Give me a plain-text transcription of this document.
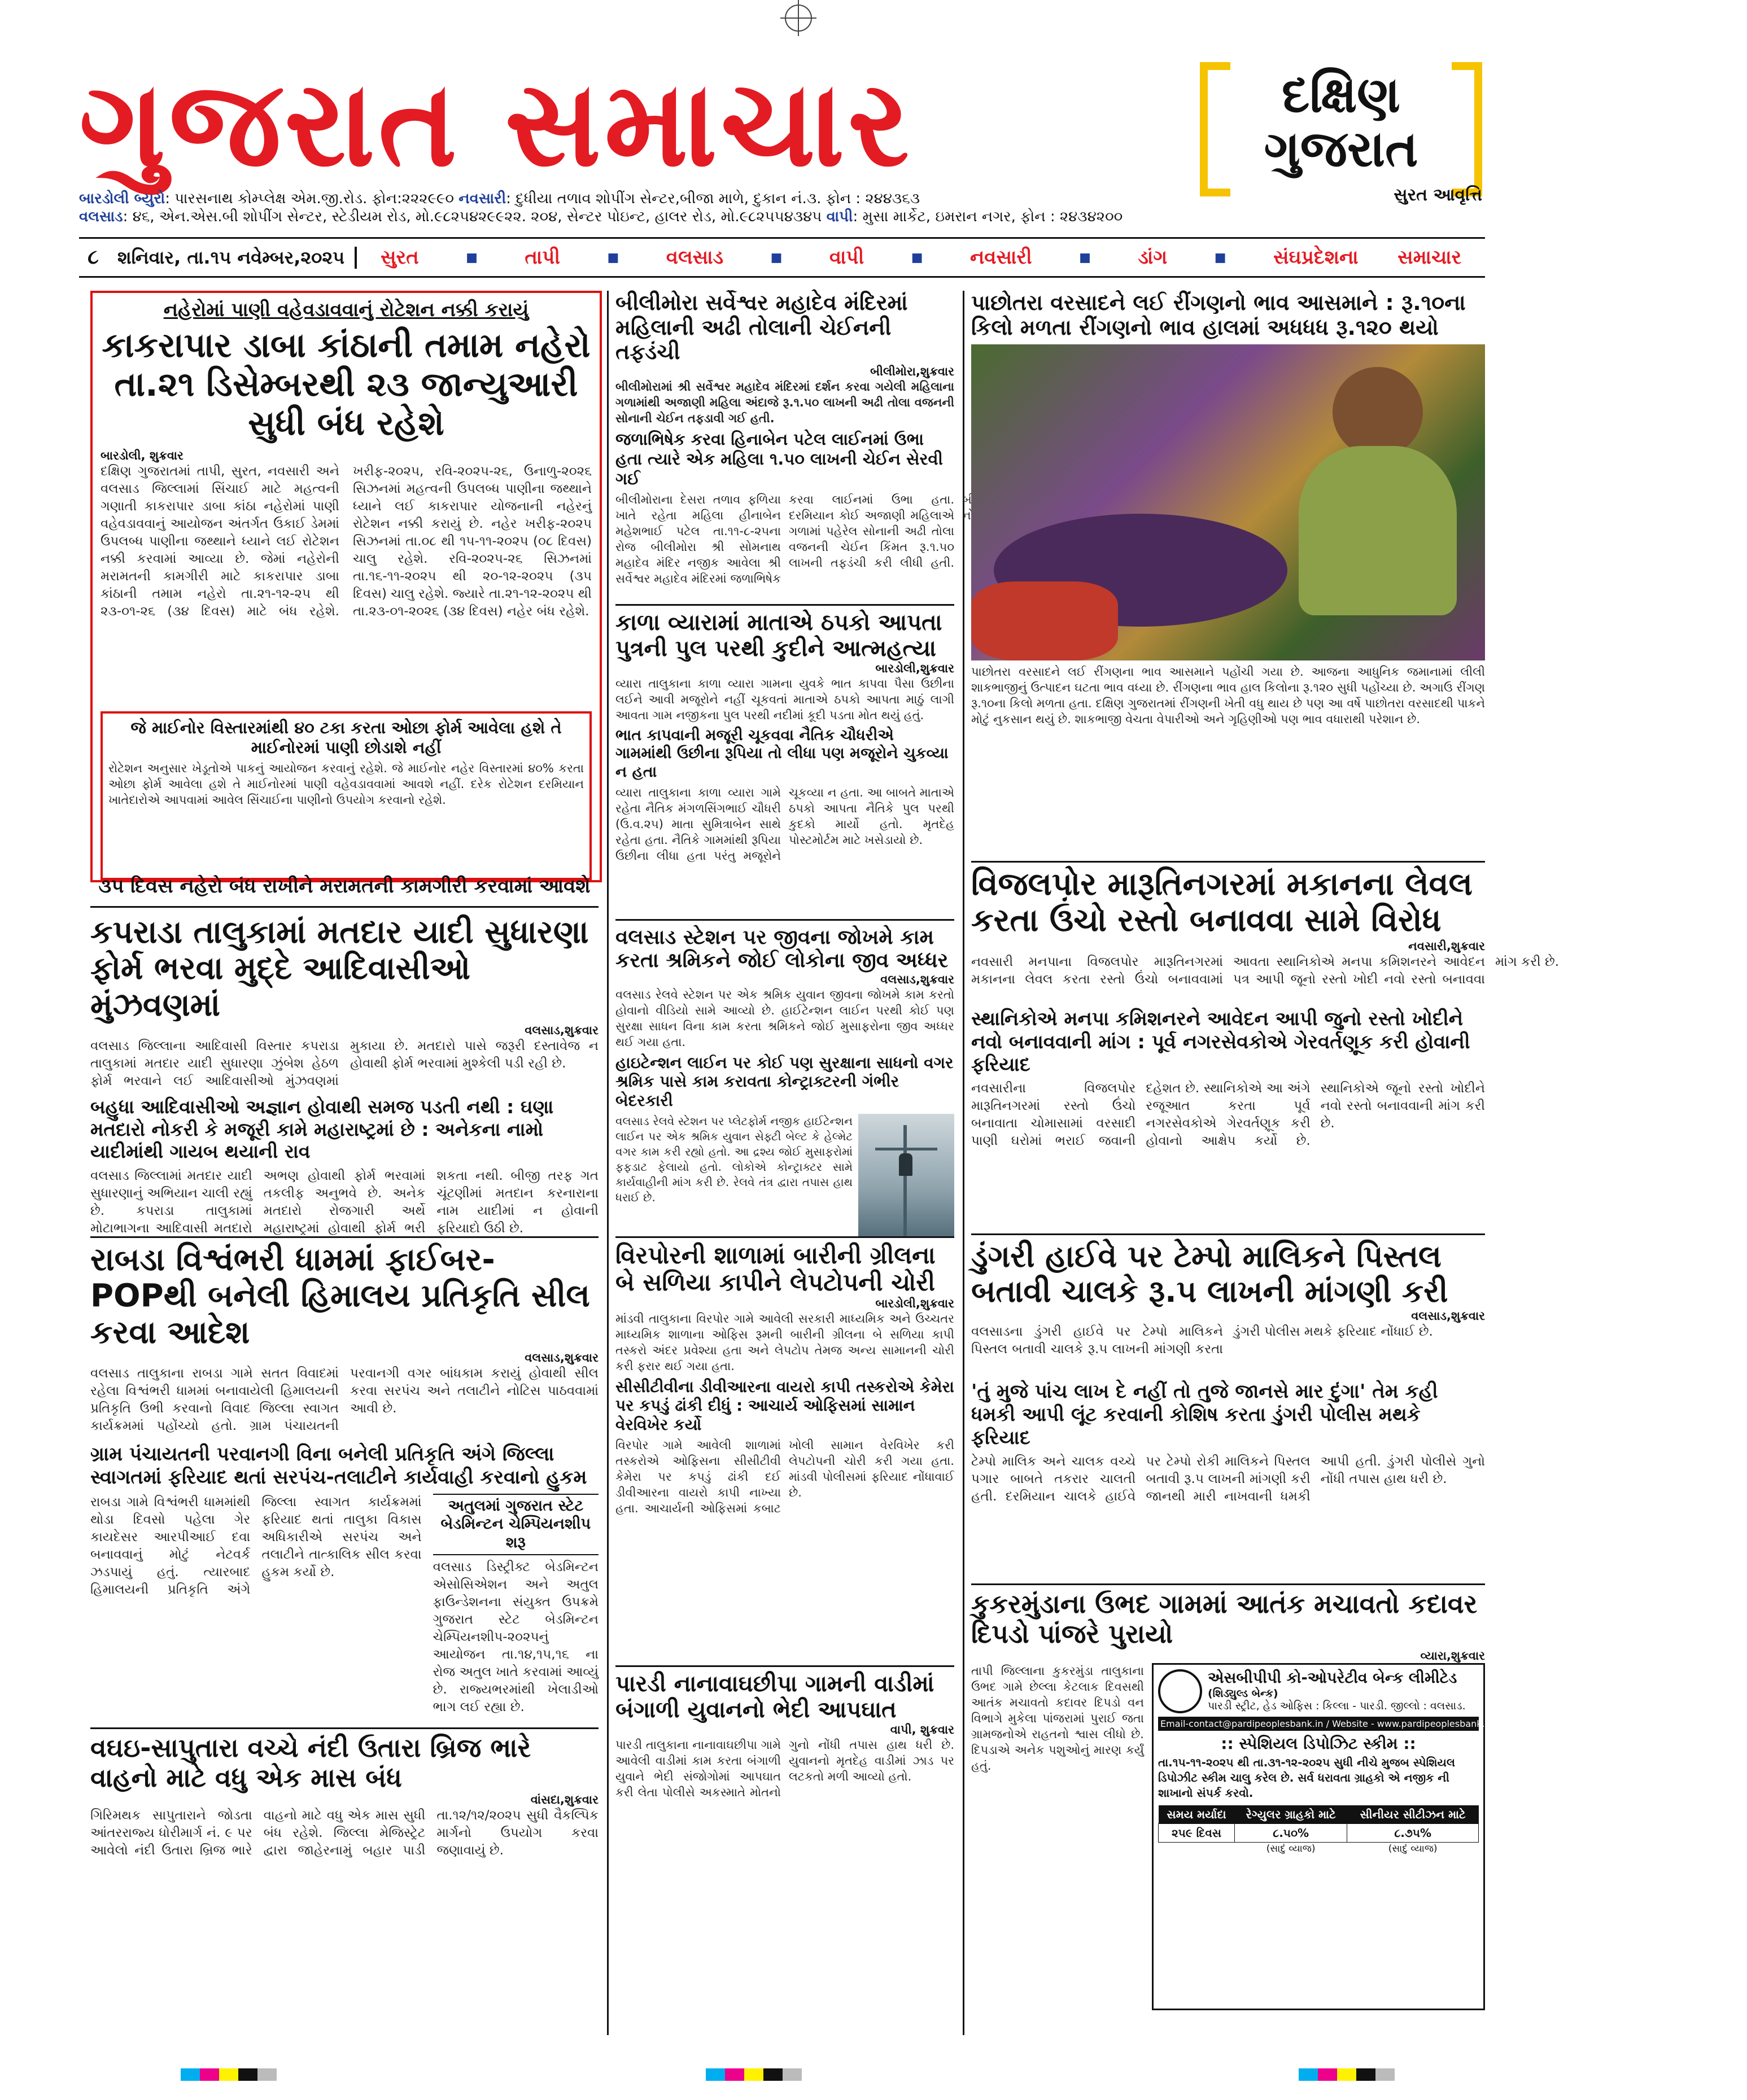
ગુજરાત સમાચાર	દક્ષિણ
ગુજરાત
સુરત આવૃત્તિ
બારડોલી બ્યુરો: પારસનાથ કોમ્પ્લેક્ષ એમ.જી.રોડ. ફોન:૨૨૨૯૯૦ નવસારી: દુધીયા તળાવ શોપીંગ સેન્ટર,બીજા માળે, દુકાન નં.૩. ફોન : ૨૪૪૩૬૩
વલસાડ: ૪૬, એન.એસ.બી શોપીંગ સેન્ટર, સ્ટેડીયમ રોડ, મો.૯૮૨૫૪૨૯૯૨૨. ૨૦૪, સેન્ટર પોઇન્ટ, હાલર રોડ, મો.૯૮૨૫૫૪૩૪૫ વાપી: મુસા માર્કેટ, ઇમરાન નગર, ફોન : ૨૪૩૪૨૦૦
૮	શનિવાર, તા.૧૫ નવેમ્બર,૨૦૨૫	સુરત	■	તાપી	■	વલસાડ	■	વાપી	■	નવસારી	■	ડાંગ	■	સંઘપ્રદેશના	સમાચાર
નહેરોમાં પાણી વહેવડાવવાનું રોટેશન નક્કી કરાયું
કાકરાપાર ડાબા કાંઠાની તમામ નહેરો તા.૨૧ ડિસેમ્બરથી ૨૩ જાન્યુઆરી સુધી બંધ રહેશે
બારડોલી, શુક્રવાર
દક્ષિણ ગુજરાતમાં તાપી, સુરત, નવસારી અને વલસાડ જિલ્લામાં સિંચાઈ માટે મહત્વની ગણાતી કાકરાપાર ડાબા કાંઠા નહેરોમાં પાણી વહેવડાવવાનું આયોજન અંતર્ગત ઉકાઈ ડેમમાં ઉપલબ્ધ પાણીના જથ્થાને ધ્યાને લઈ રોટેશન નક્કી કરવામાં આવ્યા છે. જેમાં નહેરોની મરામતની કામગીરી માટે કાકરાપાર ડાબા કાંઠાની તમામ નહેરો તા.૨૧-૧૨-૨૫ થી ૨૩-૦૧-૨૬ (૩૪ દિવસ) માટે બંધ રહેશે. ખરીફ-૨૦૨૫, રવિ-૨૦૨૫-૨૬, ઉનાળુ-૨૦૨૬ સિઝનમાં મહત્વની ઉપલબ્ધ પાણીના જથ્થાને ધ્યાને લઈ કાકરાપાર યોજનાની નહેરનું રોટેશન નક્કી કરાયું છે. નહેર ખરીફ-૨૦૨૫ સિઝનમાં તા.૦૮ થી ૧૫-૧૧-૨૦૨૫ (૦૮ દિવસ) ચાલુ રહેશે. રવિ-૨૦૨૫-૨૬ સિઝનમાં તા.૧૬-૧૧-૨૦૨૫ થી ૨૦-૧૨-૨૦૨૫ (૩૫ દિવસ) ચાલુ રહેશે. જ્યારે તા.૨૧-૧૨-૨૦૨૫ થી તા.૨૩-૦૧-૨૦૨૬ (૩૪ દિવસ) નહેર બંધ રહેશે.
જે માઈનોર વિસ્તારમાંથી ૪૦ ટકા કરતા ઓછા ફોર્મ આવેલા હશે તે માઈનોરમાં પાણી છોડાશે નહીં
રોટેશન અનુસાર ખેડૂતોએ પાકનું આયોજન કરવાનું રહેશે. જે માઈનોર નહેર વિસ્તારમાં ૪૦% કરતા ઓછા ફોર્મ આવેલા હશે તે માઈનોરમાં પાણી વહેવડાવવામાં આવશે નહીં. દરેક રોટેશન દરમિયાન ખાતેદારોએ આપવામાં આવેલ સિંચાઈના પાણીનો ઉપયોગ કરવાનો રહેશે.
૩૫ દિવસ નહેરો બંધ રાખીને મરામતની કામગીરી કરવામાં આવશે
કપરાડા તાલુકામાં મતદાર યાદી સુધારણા ફોર્મ ભરવા મુદ્દે આદિવાસીઓ મુંઝવણમાં
વલસાડ,શુક્રવાર
વલસાડ જિલ્લાના આદિવાસી વિસ્તાર કપરાડા તાલુકામાં મતદાર યાદી સુધારણા ઝુંબેશ હેઠળ ફોર્મ ભરવાને લઈ આદિવાસીઓ મુંઝવણમાં મુકાયા છે. મતદારો પાસે જરૂરી દસ્તાવેજ ન હોવાથી ફોર્મ ભરવામાં મુશ્કેલી પડી રહી છે.
બહુધા આદિવાસીઓ અજ્ઞાન હોવાથી સમજ પડતી નથી : ઘણા મતદારો નોકરી કે મજૂરી કામે મહારાષ્ટ્રમાં છે : અનેકના નામો યાદીમાંથી ગાયબ થયાની રાવ
વલસાડ જિલ્લામાં મતદાર યાદી સુધારણાનું અભિયાન ચાલી રહ્યું છે. કપરાડા તાલુકામાં મોટાભાગના આદિવાસી મતદારો અભણ હોવાથી ફોર્મ ભરવામાં તકલીફ અનુભવે છે. અનેક મતદારો રોજગારી અર્થે મહારાષ્ટ્રમાં હોવાથી ફોર્મ ભરી શકતા નથી. બીજી તરફ ગત ચૂંટણીમાં મતદાન કરનારાના નામ યાદીમાં ન હોવાની ફરિયાદો ઉઠી છે.
રાબડા વિશ્વંભરી ધામમાં ફાઈબર-POPથી બનેલી હિમાલય પ્રતિકૃતિ સીલ કરવા આદેશ
વલસાડ,શુક્રવાર
વલસાડ તાલુકાના રાબડા ગામે સતત વિવાદમાં રહેલા વિશ્વંભરી ધામમાં બનાવાયેલી હિમાલયની પ્રતિકૃતિ ઉભી કરવાનો વિવાદ જિલ્લા સ્વાગત કાર્યક્રમમાં પહોંચ્યો હતો. ગ્રામ પંચાયતની પરવાનગી વગર બાંધકામ કરાયું હોવાથી સીલ કરવા સરપંચ અને તલાટીને નોટિસ પાઠવવામાં આવી છે.
ગ્રામ પંચાયતની પરવાનગી વિના બનેલી પ્રતિકૃતિ અંગે જિલ્લા સ્વાગતમાં ફરિયાદ થતાં સરપંચ-તલાટીને કાર્યવાહી કરવાનો હુકમ
રાબડા ગામે વિશ્વંભરી ધામમાંથી થોડા દિવસો પહેલા ગેર કાયદેસર આરપીઆઈ દવા બનાવવાનું મોટું નેટવર્ક ઝડપાયું હતું. ત્યારબાદ હિમાલયની પ્રતિકૃતિ અંગે જિલ્લા સ્વાગત કાર્યક્રમમાં ફરિયાદ થતાં તાલુકા વિકાસ અધિકારીએ સરપંચ અને તલાટીને તાત્કાલિક સીલ કરવા હુકમ કર્યો છે.
અતુલમાં ગુજરાત સ્ટેટ બેડમિન્ટન ચેમ્પિયનશીપ શરૂ
વલસાડ ડિસ્ટ્રીક્ટ બેડમિન્ટન એસોસિએશન અને અતુલ ફાઉન્ડેશનના સંયુક્ત ઉપક્રમે ગુજરાત સ્ટેટ બેડમિન્ટન ચેમ્પિયનશીપ-૨૦૨૫નું આયોજન તા.૧૪,૧૫,૧૬ ના રોજ અતુલ ખાતે કરવામાં આવ્યું છે. રાજ્યભરમાંથી ખેલાડીઓ ભાગ લઈ રહ્યા છે.
વઘઇ-સાપુતારા વચ્ચે નંદી ઉતારા બ્રિજ ભારે વાહનો માટે વધુ એક માસ બંધ
વાંસદા,શુક્રવાર
ગિરિમથક સાપુતારાને જોડતા આંતરરાજ્ય ધોરીમાર્ગ નં. ૯ પર આવેલો નંદી ઉતારા બ્રિજ ભારે વાહનો માટે વધુ એક માસ સુધી બંધ રહેશે. જિલ્લા મેજિસ્ટ્રેટ દ્વારા જાહેરનામું બહાર પાડી તા.૧૨/૧૨/૨૦૨૫ સુધી વૈકલ્પિક માર્ગનો ઉપયોગ કરવા જણાવાયું છે.
બીલીમોરા સર્વેશ્વર મહાદેવ મંદિરમાં મહિલાની અઢી તોલાની ચેઈનની તફડંચી
બીલીમોરા,શુક્રવાર
બીલીમોરામાં શ્રી સર્વેશ્વર મહાદેવ મંદિરમાં દર્શન કરવા ગયેલી મહિલાના ગળામાંથી અજાણી મહિલા અંદાજે રૂ.૧.૫૦ લાખની અઢી તોલા વજનની સોનાની ચેઈન તફડાવી ગઈ હતી.
જળાભિષેક કરવા હિનાબેન પટેલ લાઈનમાં ઉભા હતા ત્યારે એક મહિલા ૧.૫૦ લાખની ચેઈન સેરવી ગઈ
બીલીમોરાના દેસરા તળાવ ફળિયા ખાતે રહેતા મહિલા હીનાબેન મહેશભાઈ પટેલ તા.૧૧-૮-૨૫ના રોજ બીલીમોરા શ્રી સોમનાથ મહાદેવ મંદિર નજીક આવેલા શ્રી સર્વેશ્વર મહાદેવ મંદિરમાં જળાભિષેક કરવા લાઈનમાં ઉભા હતા. દરમિયાન કોઈ અજાણી મહિલાએ ગળામાં પહેરેલ સોનાની અઢી તોલા વજનની ચેઈન કિંમત રૂ.૧.૫૦ લાખની તફડંચી કરી લીધી હતી.
કાળા વ્યારામાં માતાએ ઠપકો આપતા પુત્રની પુલ પરથી કુદીને આત્મહત્યા
બારડોલી,શુક્રવાર
વ્યારા તાલુકાના કાળા વ્યારા ગામના યુવકે ભાત કાપવા પૈસા ઉછીના લઈને આવી મજૂરોને નહીં ચૂકવતાં માતાએ ઠપકો આપતા માઠું લાગી આવતા ગામ નજીકના પુલ પરથી નદીમાં કૂદી પડતા મોત થયું હતું.
ભાત કાપવાની મજૂરી ચૂકવવા નૈતિક ચૌધરીએ ગામમાંથી ઉછીના રૂપિયા તો લીધા પણ મજૂરોને ચુકવ્યા ન હતા
વ્યારા તાલુકાના કાળા વ્યારા ગામે રહેતા નૈતિક મંગળસિંગભાઈ ચૌધરી (ઉ.વ.૨૫) માતા સુમિત્રાબેન સાથે રહેતા હતા. નૈતિકે ગામમાંથી રૂપિયા ઉછીના લીધા હતા પરંતુ મજૂરોને ચૂકવ્યા ન હતા. આ બાબતે માતાએ ઠપકો આપતા નૈતિકે પુલ પરથી કુદકો માર્યો હતો. મૃતદેહ પોસ્ટમોર્ટમ માટે ખસેડાયો છે.
વલસાડ સ્ટેશન પર જીવના જોખમે કામ કરતા શ્રમિકને જોઈ લોકોના જીવ અધ્ધર
વલસાડ,શુક્રવાર
વલસાડ રેલવે સ્ટેશન પર એક શ્રમિક યુવાન જીવના જોખમે કામ કરતો હોવાનો વીડિયો સામે આવ્યો છે. હાઈટેન્શન લાઈન પરથી કોઈ પણ સુરક્ષા સાધન વિના કામ કરતા શ્રમિકને જોઈ મુસાફરોના જીવ અધ્ધર થઈ ગયા હતા.
હાઇટેન્શન લાઈન પર કોઈ પણ સુરક્ષાના સાધનો વગર શ્રમિક પાસે કામ કરાવતા કોન્ટ્રાક્ટરની ગંભીર બેદરકારી
વલસાડ રેલવે સ્ટેશન પર પ્લેટફોર્મ નજીક હાઈટેન્શન લાઈન પર એક શ્રમિક યુવાન સેફ્ટી બેલ્ટ કે હેલ્મેટ વગર કામ કરી રહ્યો હતો. આ દ્રશ્ય જોઈ મુસાફરોમાં ફફડાટ ફેલાયો હતો. લોકોએ કોન્ટ્રાક્ટર સામે કાર્યવાહીની માંગ કરી છે. રેલવે તંત્ર દ્વારા તપાસ હાથ ધરાઈ છે.
વિરપોરની શાળામાં બારીની ગ્રીલના બે સળિયા કાપીને લેપટોપની ચોરી
બારડોલી,શુક્રવાર
માંડવી તાલુકાના વિરપોર ગામે આવેલી સરકારી માધ્યમિક અને ઉચ્ચતર માધ્યમિક શાળાના ઓફિસ રૂમની બારીની ગ્રીલના બે સળિયા કાપી તસ્કરો અંદર પ્રવેશ્યા હતા અને લેપટોપ તેમજ અન્ય સામાનની ચોરી કરી ફરાર થઈ ગયા હતા.
સીસીટીવીના ડીવીઆરના વાયરો કાપી તસ્કરોએ કેમેરા પર કપડું ઢાંકી દીધું : આચાર્ય ઓફિસમાં સામાન વેરવિખેર કર્યો
વિરપોર ગામે આવેલી શાળામાં તસ્કરોએ ઓફિસના સીસીટીવી કેમેરા પર કપડું ઢાંકી દઈ ડીવીઆરના વાયરો કાપી નાખ્યા હતા. આચાર્યની ઓફિસમાં કબાટ ખોલી સામાન વેરવિખેર કરી લેપટોપની ચોરી કરી ગયા હતા. માંડવી પોલીસમાં ફરિયાદ નોંધાવાઈ છે.
પારડી નાનાવાઘછીપા ગામની વાડીમાં બંગાળી યુવાનનો ભેદી આપઘાત
વાપી, શુક્રવાર
પારડી તાલુકાના નાનાવાઘછીપા ગામે આવેલી વાડીમાં કામ કરતા બંગાળી યુવાને ભેદી સંજોગોમાં આપઘાત કરી લેતા પોલીસે અકસ્માતે મોતનો ગુનો નોંધી તપાસ હાથ ધરી છે. યુવાનનો મૃતદેહ વાડીમાં ઝાડ પર લટકતો મળી આવ્યો હતો.
પાછોતરા વરસાદને લઈ રીંગણનો ભાવ આસમાને : રૂ.૧૦ના કિલો મળતા રીંગણનો ભાવ હાલમાં અધધધ રૂ.૧૨૦ થયો
પાછોતરા વરસાદને લઈ રીંગણના ભાવ આસમાને પહોંચી ગયા છે. આજના આધુનિક જમાનામાં લીલી શાકભાજીનું ઉત્પાદન ઘટતા ભાવ વધ્યા છે. રીંગણના ભાવ હાલ કિલોના રૂ.૧૨૦ સુધી પહોંચ્યા છે. અગાઉ રીંગણ રૂ.૧૦ના કિલો મળતા હતા. દક્ષિણ ગુજરાતમાં રીંગણની ખેતી વધુ થાય છે પણ આ વર્ષે પાછોતરા વરસાદથી પાકને મોટું નુકસાન થયું છે. શાકભાજી વેચતા વેપારીઓ અને ગૃહિણીઓ પણ ભાવ વધારાથી પરેશાન છે.
વિજલપોર મારૂતિનગરમાં મકાનના લેવલ કરતા ઉંચો રસ્તો બનાવવા સામે વિરોધ
નવસારી,શુક્રવાર
નવસારી મનપાના વિજલપોર મારૂતિનગરમાં મકાનના લેવલ કરતા રસ્તો ઉંચો બનાવવામાં આવતા સ્થાનિકોએ મનપા કમિશનરને આવેદન પત્ર આપી જૂનો રસ્તો ખોદી નવો રસ્તો બનાવવા માંગ કરી છે.
સ્થાનિકોએ મનપા કમિશનરને આવેદન આપી જુનો રસ્તો ખોદીને નવો બનાવવાની માંગ : પૂર્વ નગરસેવકોએ ગેરવર્તણૂક કરી હોવાની ફરિયાદ
નવસારીના વિજલપોર મારૂતિનગરમાં રસ્તો ઉંચો બનાવાતા ચોમાસામાં વરસાદી પાણી ઘરોમાં ભરાઈ જવાની દહેશત છે. સ્થાનિકોએ આ અંગે રજૂઆત કરતા પૂર્વ નગરસેવકોએ ગેરવર્તણૂક કરી હોવાનો આક્ષેપ કર્યો છે. સ્થાનિકોએ જૂનો રસ્તો ખોદીને નવો રસ્તો બનાવવાની માંગ કરી છે.
ડુંગરી હાઈવે પર ટેમ્પો માલિકને પિસ્તલ બતાવી ચાલકે રૂ.૫ લાખની માંગણી કરી
વલસાડ,શુક્રવાર
વલસાડના ડુંગરી હાઈવે પર ટેમ્પો માલિકને પિસ્તલ બતાવી ચાલકે રૂ.૫ લાખની માંગણી કરતા ડુંગરી પોલીસ મથકે ફરિયાદ નોંધાઈ છે.
'તું મુજે પાંચ લાખ દે નહીં તો તુજે જાનસે માર દુંગા' તેમ કહી ધમકી આપી લૂંટ કરવાની કોશિષ કરતા ડુંગરી પોલીસ મથકે ફરિયાદ
ટેમ્પો માલિક અને ચાલક વચ્ચે પગાર બાબતે તકરાર ચાલતી હતી. દરમિયાન ચાલકે હાઈવે પર ટેમ્પો રોકી માલિકને પિસ્તલ બતાવી રૂ.૫ લાખની માંગણી કરી જાનથી મારી નાખવાની ધમકી આપી હતી. ડુંગરી પોલીસે ગુનો નોંધી તપાસ હાથ ધરી છે.
કુકરમુંડાના ઉભદ ગામમાં આતંક મચાવતો કદાવર દિપડો પાંજરે પુરાયો
વ્યારા,શુક્રવાર
તાપી જિલ્લાના કુકરમુંડા તાલુકાના ઉભદ ગામે છેલ્લા કેટલાક દિવસથી આતંક મચાવતો કદાવર દિપડો વન વિભાગે મુકેલા પાંજરામાં પુરાઈ જતા ગ્રામજનોએ રાહતનો શ્વાસ લીધો છે. દિપડાએ અનેક પશુઓનું મારણ કર્યું હતું.
એસબીપીપી કો-ઓપરેટીવ બેન્ક લીમીટેડ
(શિડ્યુલ્ડ બેન્ક)
પારડી સ્ટ્રીટ, હેડ ઓફિસ : કિલ્લા - પારડી. જીલ્લો : વલસાડ.
Email-contact@pardipeoplesbank.in / Website - www.pardipeoplesbank.in
:: સ્પેશિયલ ડિપોઝિટ સ્કીમ ::
તા.૧૫-૧૧-૨૦૨૫ થી તા.૩૧-૧૨-૨૦૨૫ સુધી નીચે મુજબ સ્પેશિયલ ડિપોઝીટ સ્કીમ ચાલુ કરેલ છે. સર્વ ધરાવતા ગ્રાહકો એ નજીક ની શાખાનો સંપર્ક કરવો.
સમય મર્યાદા	રેગ્યુલર ગ્રાહકો માટે	સીનીયર સીટીઝન માટે
૨૫૯ દિવસ	૮.૫૦%	૮.૭૫%
	(સાદું વ્યાજ)	(સાદું વ્યાજ)
